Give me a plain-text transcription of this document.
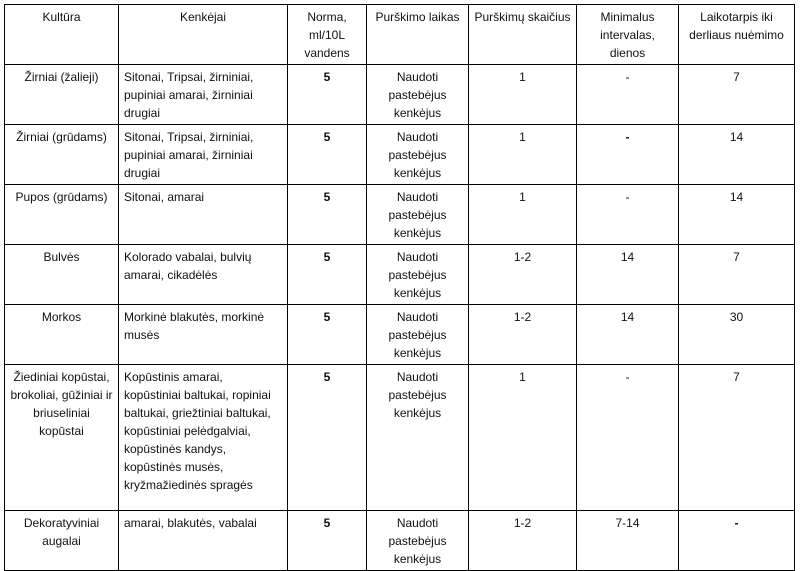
Kultūra	Kenkėjai	Norma, ml/10L vandens	Purškimo laikas	Purškimų skaičius	Minimalus intervalas, dienos	Laikotarpis iki derliaus nuėmimo
Žirniai (žalieji)	Sitonai, Tripsai, žirniniai, pupiniai amarai, žirniniai drugiai	5	Naudoti pastebėjus kenkėjus	1	-	7
Žirniai (grūdams)	Sitonai, Tripsai, žirniniai, pupiniai amarai, žirniniai drugiai	5	Naudoti pastebėjus kenkėjus	1	-	14
Pupos (grūdams)	Sitonai, amarai	5	Naudoti pastebėjus kenkėjus	1	-	14
Bulvės	Kolorado vabalai, bulvių amarai, cikadėlės	5	Naudoti pastebėjus kenkėjus	1-2	14	7
Morkos	Morkinė blakutės, morkinė musės	5	Naudoti pastebėjus kenkėjus	1-2	14	30
Žiediniai kopūstai, brokoliai, gūžiniai ir briuseliniai kopūstai	Kopūstinis amarai, kopūstiniai baltukai, ropiniai baltukai, griežtiniai baltukai, kopūstiniai pelėdgalviai, kopūstinės kandys, kopūstinės musės, kryžmažiedinės spragės	5	Naudoti pastebėjus kenkėjus	1	-	7
Dekoratyviniai augalai	amarai, blakutės, vabalai	5	Naudoti pastebėjus kenkėjus	1-2	7-14	-
